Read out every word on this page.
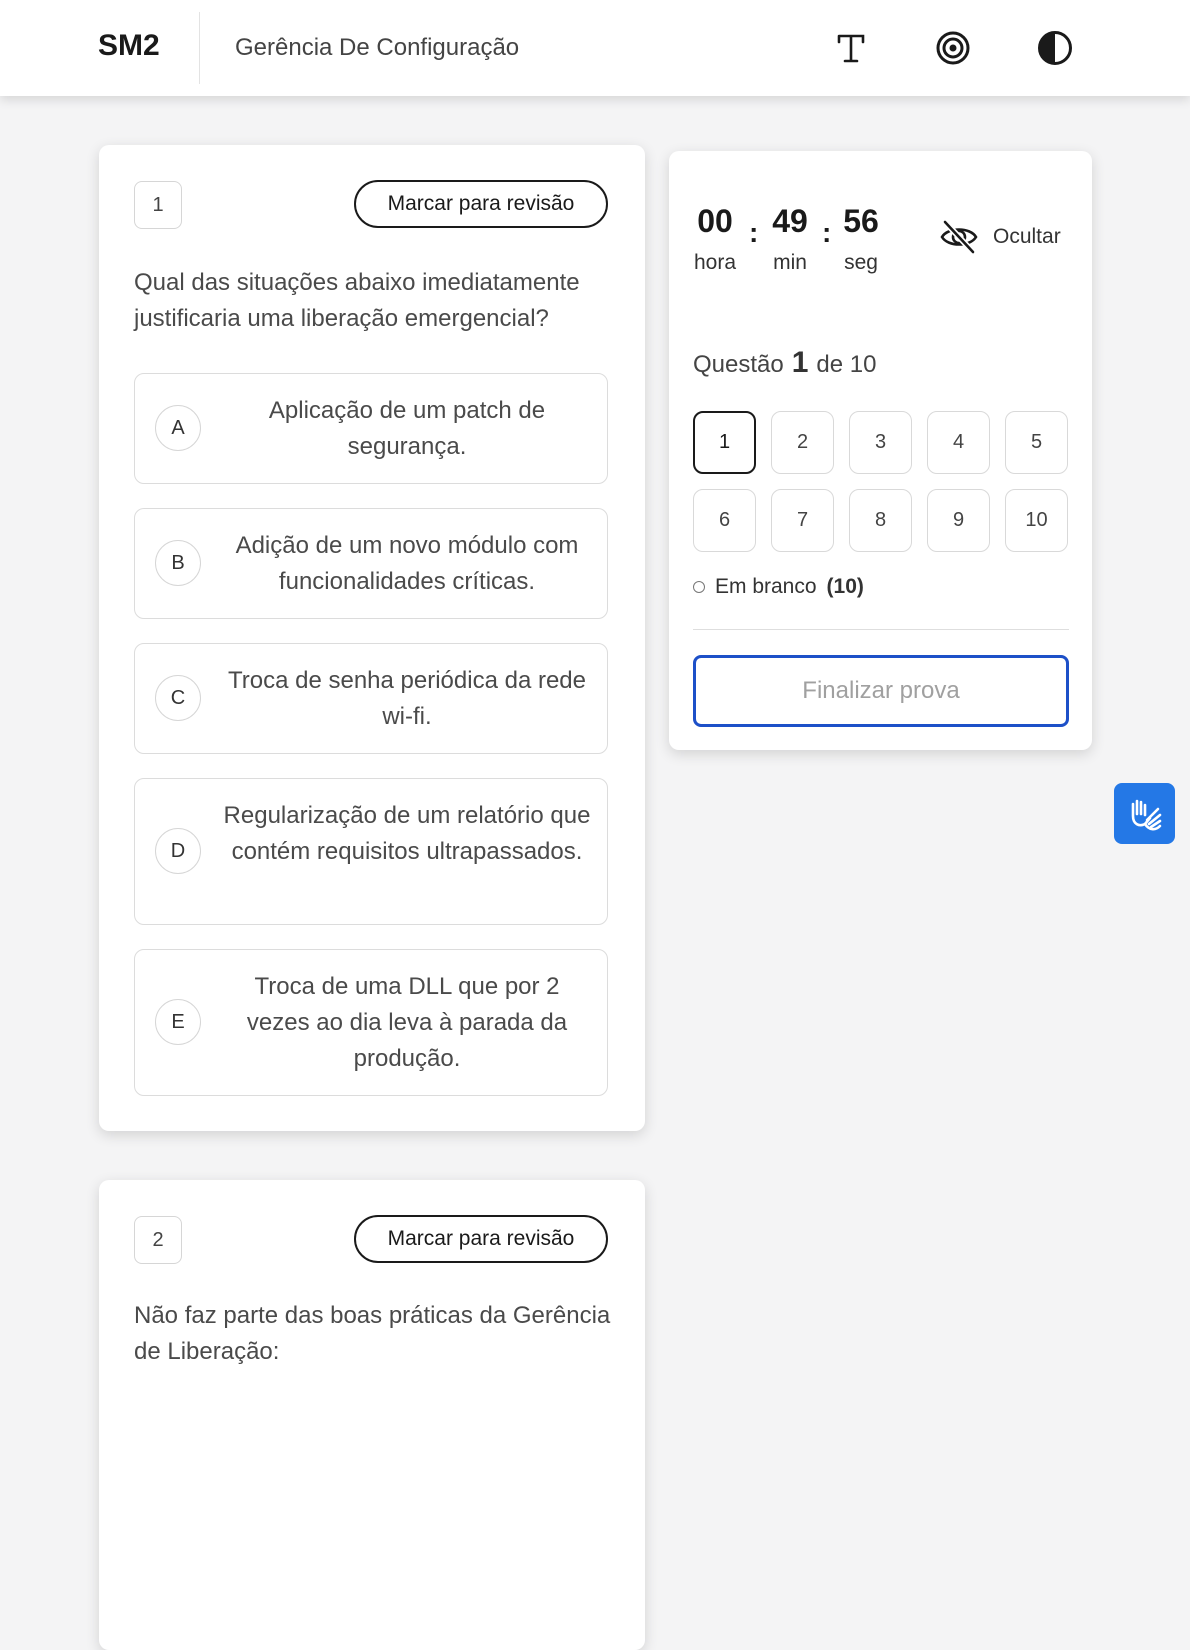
SM2	Gerência De Configuração
1	Marcar para revisão
Qual das situações abaixo imediatamente justificaria uma liberação emergencial?
A
Aplicação de um patch de segurança.
B
Adição de um novo módulo com funcionalidades críticas.
C
Troca de senha periódica da rede wi-fi.
D
Regularização de um relatório que contém requisitos ultrapassados.
E
Troca de uma DLL que por 2 vezes ao dia leva à parada da produção.
2	Marcar para revisão
Não faz parte das boas práticas da Gerência de Liberação:
00 : 49 : 56
hora	min	seg
Ocultar
Questão 1 de 10
1	2	3	4	5
6	7	8	9	10
Em branco (10)
Finalizar prova
